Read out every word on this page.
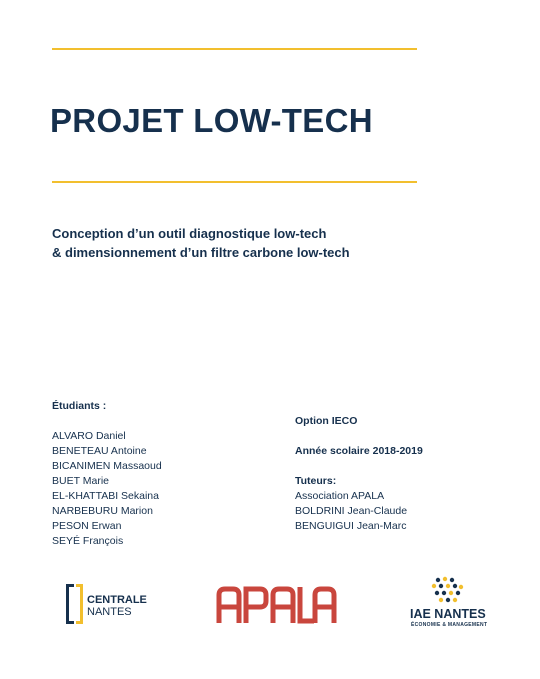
PROJET LOW-TECH
Conception d’un outil diagnostique low-tech
& dimensionnement d’un filtre carbone low-tech
Étudiants :
ALVARO Daniel
BENETEAU Antoine
BICANIMEN Massaoud
BUET Marie
EL-KHATTABI Sekaina
NARBEBURU Marion
PESON Erwan
SEYÉ François
Option IECO
Année scolaire 2018-2019
Tuteurs:
Association APALA
BOLDRINI Jean-Claude
BENGUIGUI Jean-Marc
CENTRALE
NANTES	IAE NANTES
ÉCONOMIE & MANAGEMENT
